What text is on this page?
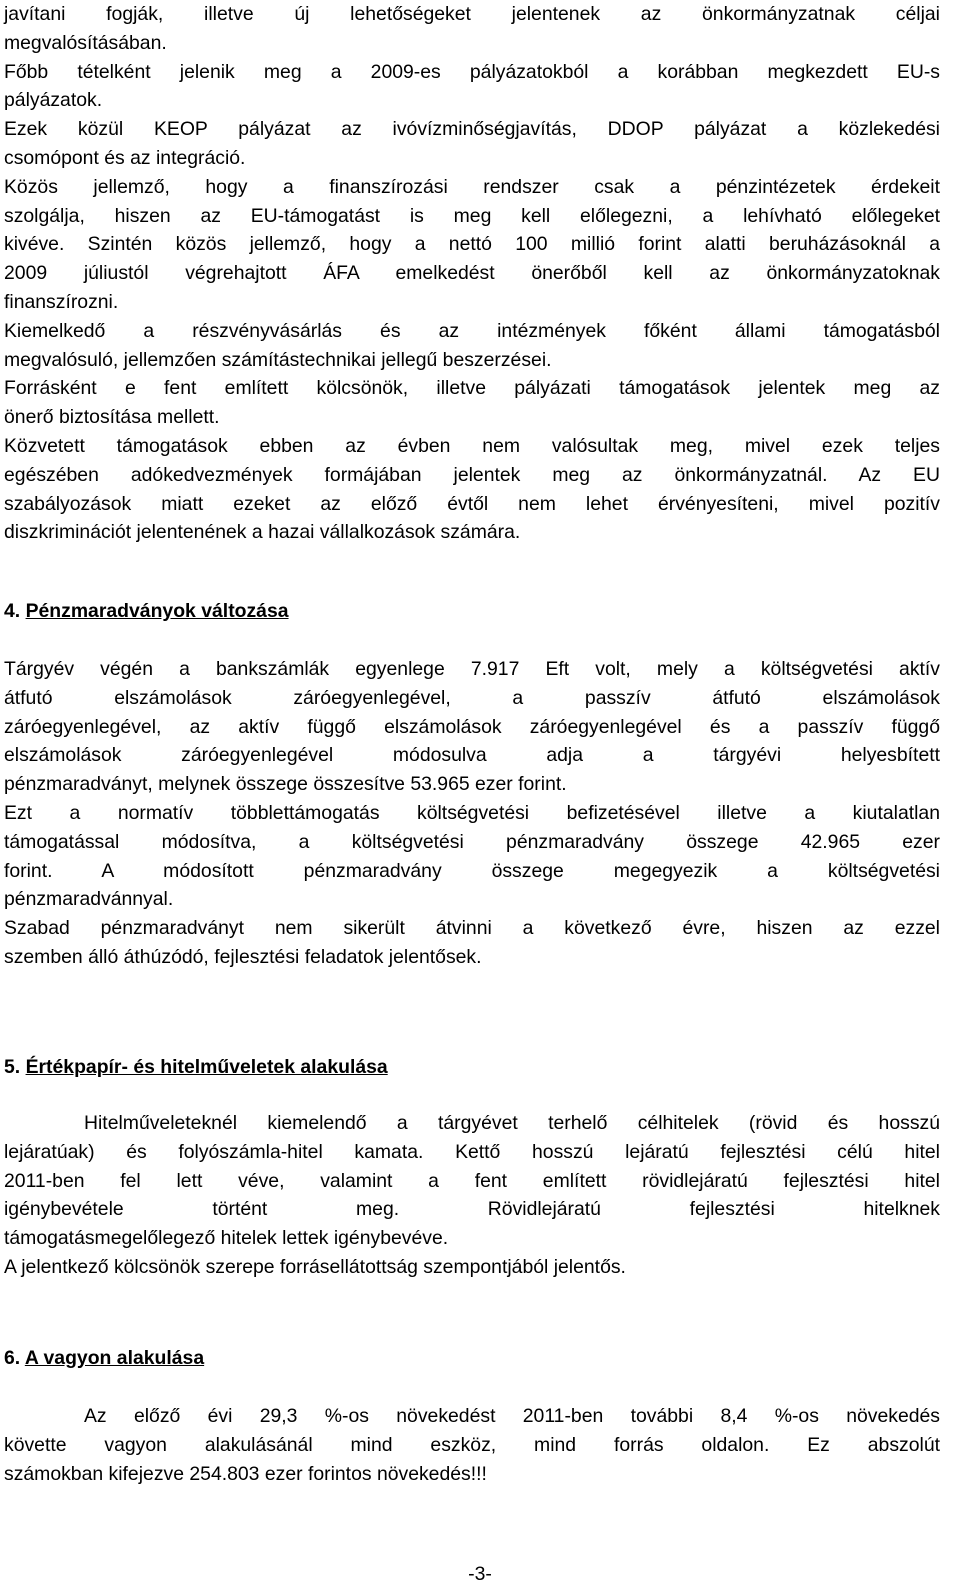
javítani fogják, illetve új lehetőségeket jelentenek az önkormányzatnak céljai
megvalósításában.
Főbb tételként jelenik meg a 2009-es pályázatokból a korábban megkezdett EU-s
pályázatok.
Ezek közül KEOP pályázat az ivóvízminőségjavítás, DDOP pályázat a közlekedési
csomópont és az integráció.
Közös jellemző, hogy a finanszírozási rendszer csak a pénzintézetek érdekeit
szolgálja, hiszen az EU-támogatást is meg kell előlegezni, a lehívható előlegeket
kivéve. Szintén közös jellemző, hogy a nettó 100 millió forint alatti beruházásoknál a
2009 júliustól végrehajtott ÁFA emelkedést önerőből kell az önkormányzatoknak
finanszírozni.
Kiemelkedő a részvényvásárlás és az intézmények főként állami támogatásból
megvalósuló, jellemzően számítástechnikai jellegű beszerzései.
Forrásként e fent említett kölcsönök, illetve pályázati támogatások jelentek meg az
önerő biztosítása mellett.
Közvetett támogatások ebben az évben nem valósultak meg, mivel ezek teljes
egészében adókedvezmények formájában jelentek meg az önkormányzatnál. Az EU
szabályozások miatt ezeket az előző évtől nem lehet érvényesíteni, mivel pozitív
diszkriminációt jelentenének a hazai vállalkozások számára.
Tárgyév végén a bankszámlák egyenlege 7.917 Eft volt, mely a költségvetési aktív
átfutó elszámolások záróegyenlegével, a passzív átfutó elszámolások
záróegyenlegével, az aktív függő elszámolások záróegyenlegével és a passzív függő
elszámolások záróegyenlegével módosulva adja a tárgyévi helyesbített
pénzmaradványt, melynek összege összesítve 53.965 ezer forint.
Ezt a normatív többlettámogatás költségvetési befizetésével illetve a kiutalatlan
támogatással módosítva, a költségvetési pénzmaradvány összege 42.965 ezer
forint. A módosított pénzmaradvány összege megegyezik a költségvetési
pénzmaradvánnyal.
Szabad pénzmaradványt nem sikerült átvinni a következő évre, hiszen az ezzel
szemben álló áthúzódó, fejlesztési feladatok jelentősek.
Hitelműveleteknél kiemelendő a tárgyévet terhelő célhitelek (rövid és hosszú
lejáratúak) és folyószámla-hitel kamata. Kettő hosszú lejáratú fejlesztési célú hitel
2011-ben fel lett véve, valamint a fent említett rövidlejáratú fejlesztési hitel
igénybevétele történt meg. Rövidlejáratú fejlesztési hitelknek
támogatásmegelőlegező hitelek lettek igénybevéve.
A jelentkező kölcsönök szerepe forrásellátottság szempontjából jelentős.
Az előző évi 29,3 %-os növekedést 2011-ben további 8,4 %-os növekedés
követte vagyon alakulásánál mind eszköz, mind forrás oldalon. Ez abszolút
számokban kifejezve 254.803 ezer forintos növekedés!!!
4. Pénzmaradványok változása
5. Értékpapír- és hitelműveletek alakulása
6. A vagyon alakulása
-3-
